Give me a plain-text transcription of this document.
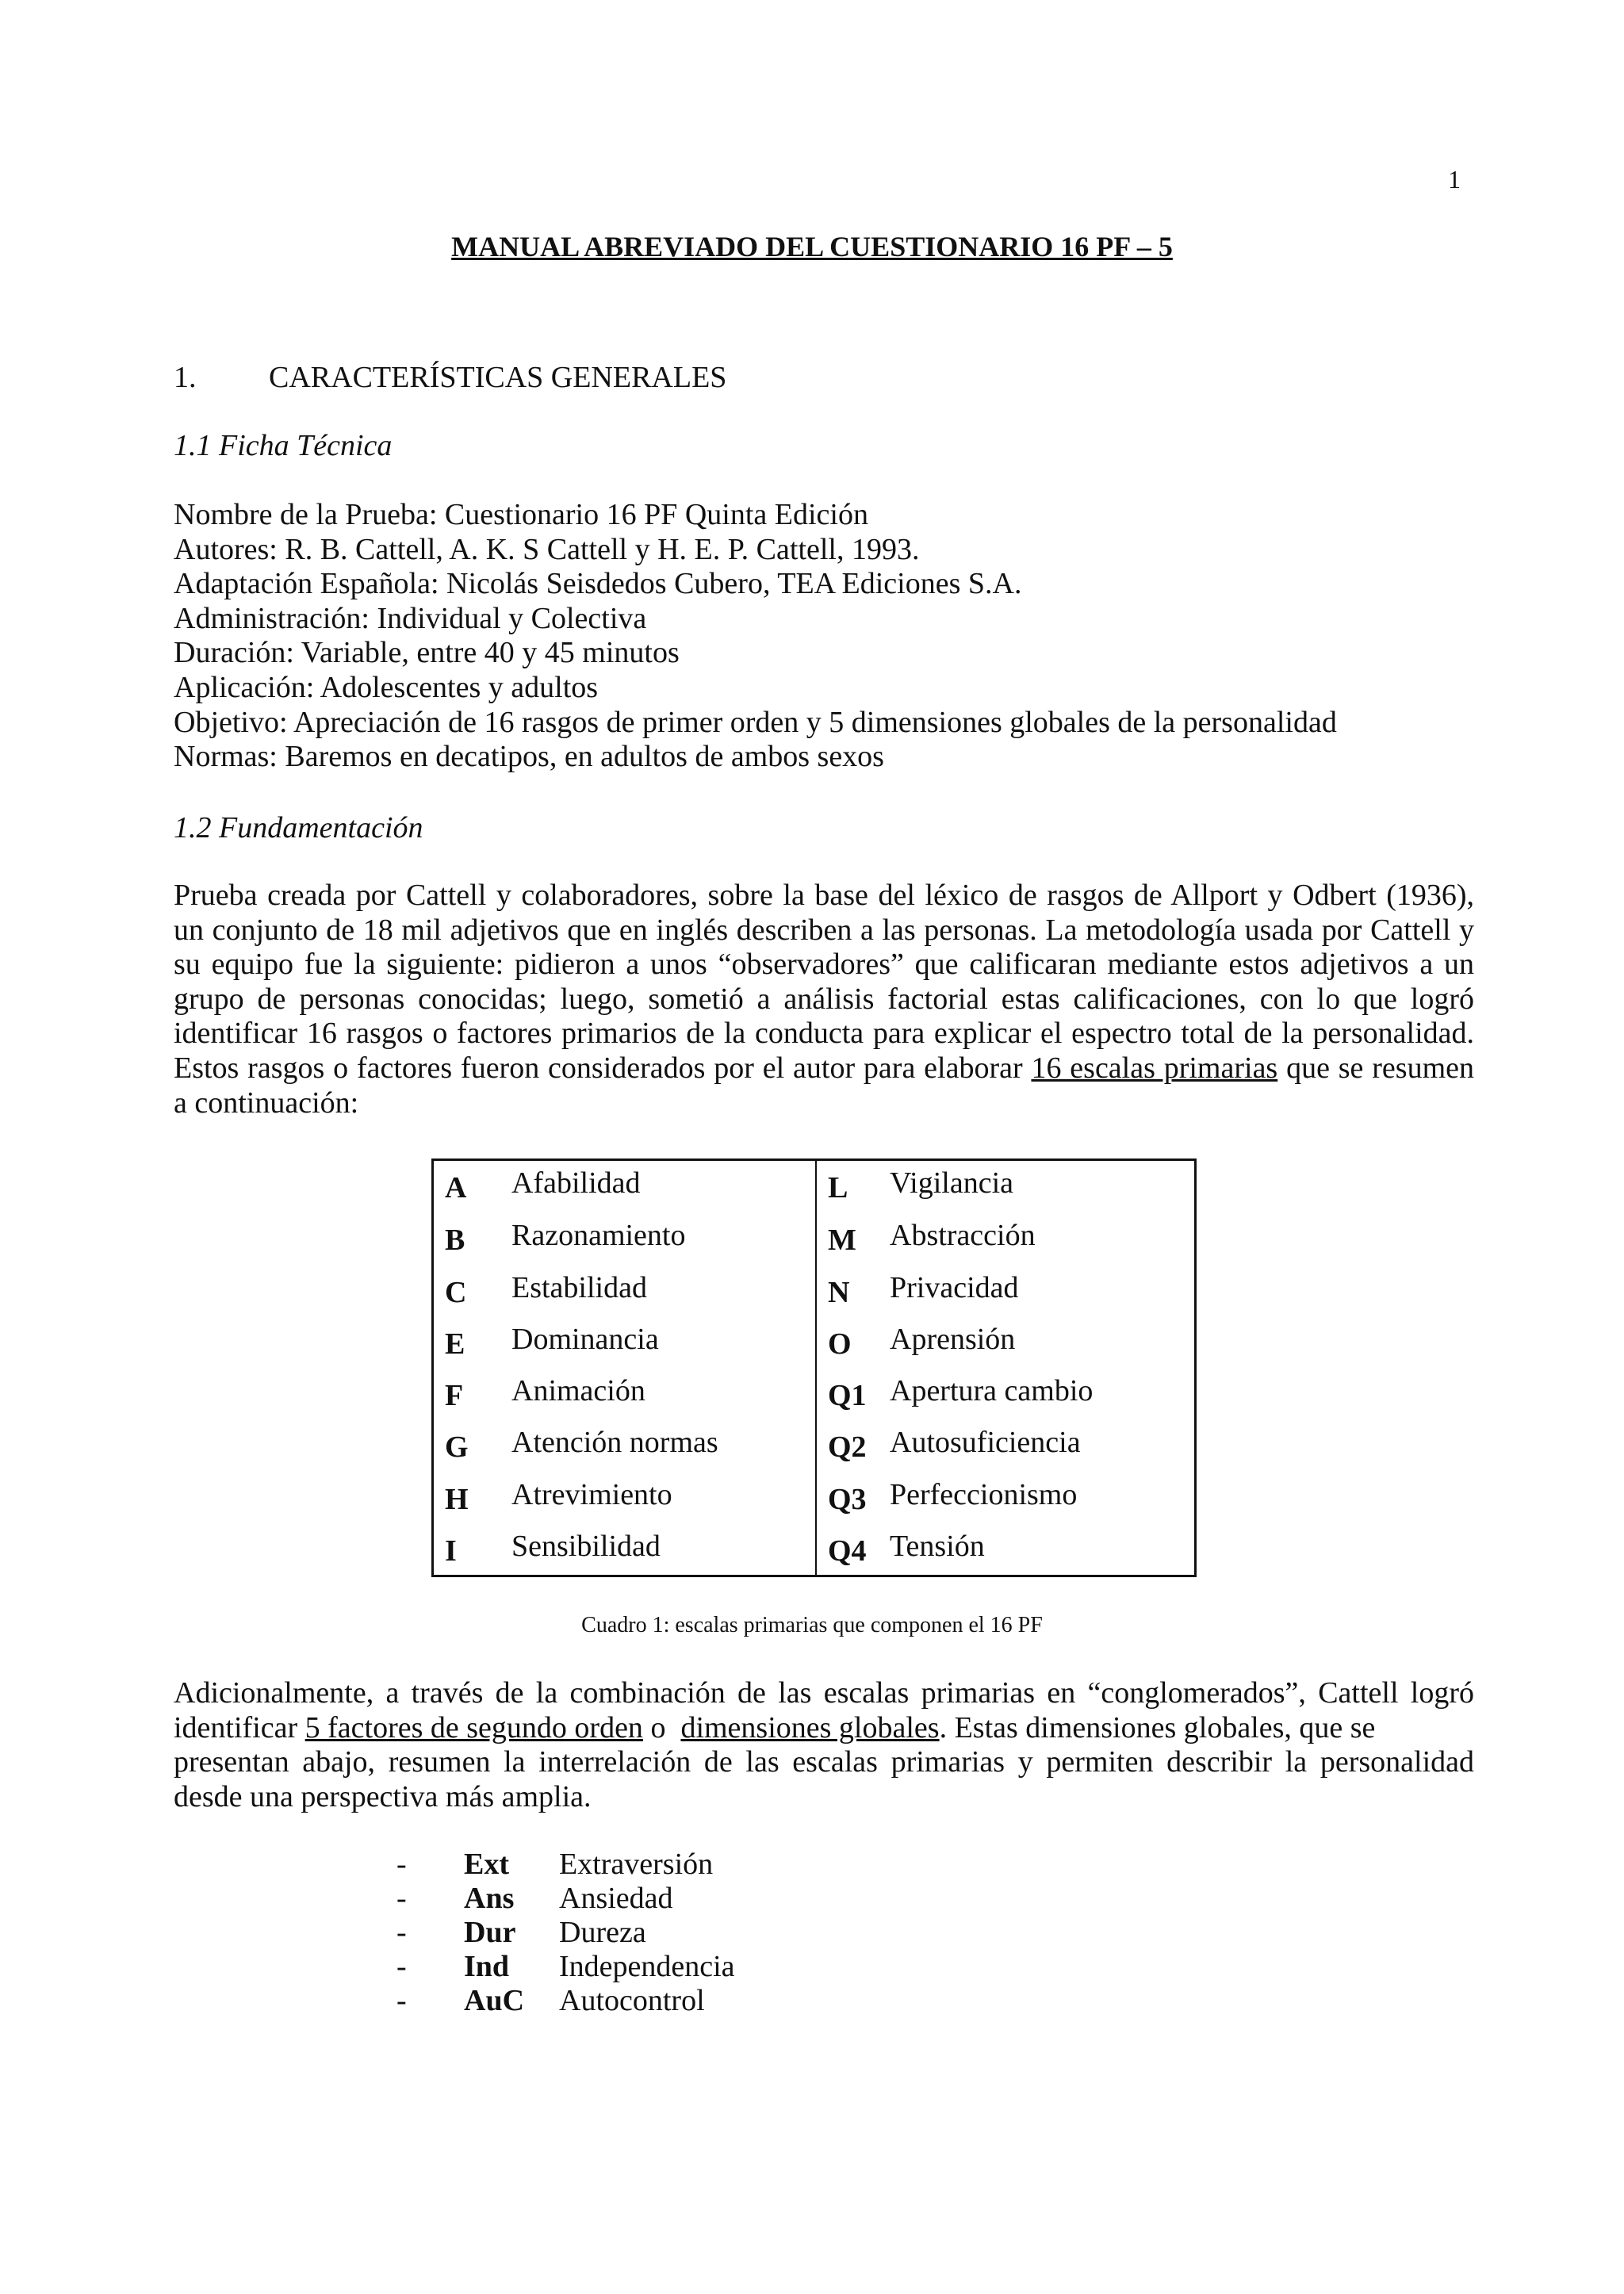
1

MANUAL ABREVIADO DEL CUESTIONARIO 16 PF – 5
1. CARACTERÍSTICAS GENERALES
1.1 Ficha Técnica
Nombre de la Prueba: Cuestionario 16 PF Quinta Edición
Autores: R. B. Cattell, A. K. S Cattell y H. E. P. Cattell, 1993.
Adaptación Española: Nicolás Seisdedos Cubero, TEA Ediciones S.A.
Administración: Individual y Colectiva
Duración: Variable, entre 40 y 45 minutos
Aplicación: Adolescentes y adultos
Objetivo: Apreciación de 16 rasgos de primer orden y 5 dimensiones globales de la personalidad
Normas: Baremos en decatipos, en adultos de ambos sexos
1.2 Fundamentación
Prueba creada por Cattell y colaboradores, sobre la base del léxico de rasgos de Allport y Odbert (1936),
un conjunto de 18 mil adjetivos que en inglés describen a las personas. La metodología usada por Cattell y
su equipo fue la siguiente: pidieron a unos “observadores” que calificaran mediante estos adjetivos a un
grupo de personas conocidas; luego, sometió a análisis factorial estas calificaciones, con lo que logró
identificar 16 rasgos o factores primarios de la conducta para explicar el espectro total de la personalidad.
Estos rasgos o factores fueron considerados por el autor para elaborar 16 escalas primarias que se resumen
a continuación:
A Afabilidad
B Razonamiento
C Estabilidad
E Dominancia
F Animación
G Atención normas
H Atrevimiento
I Sensibilidad
L Vigilancia
M Abstracción
N Privacidad
O Aprensión
Q1 Apertura cambio
Q2 Autosuficiencia
Q3 Perfeccionismo
Q4 Tensión

Cuadro 1: escalas primarias que componen el 16 PF

Adicionalmente, a través de la combinación de las escalas primarias en “conglomerados”, Cattell logró
identificar 5 factores de segundo orden o  dimensiones globales. Estas dimensiones globales, que se
presentan abajo, resumen la interrelación de las escalas primarias y permiten describir la personalidad
desde una perspectiva más amplia.
- Ext Extraversión
- Ans Ansiedad
- Dur Dureza
- Ind Independencia
- AuC Autocontrol
